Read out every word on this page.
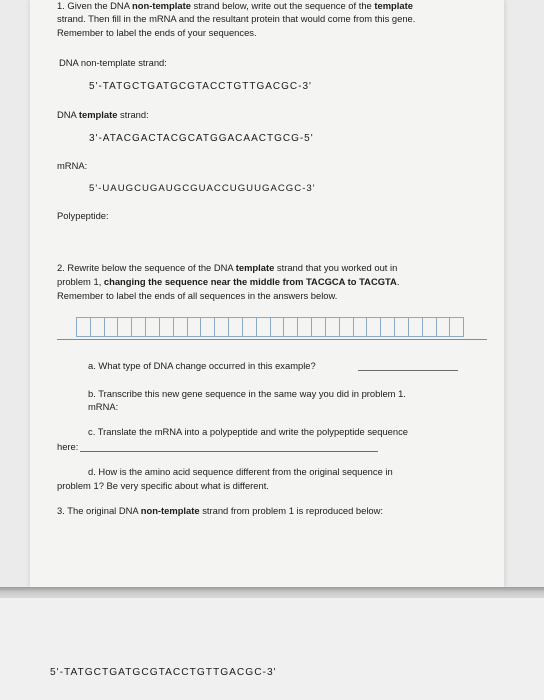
1. Given the DNA non-template strand below, write out the sequence of the template
strand. Then fill in the mRNA and the resultant protein that would come from this gene.
Remember to label the ends of your sequences.
DNA non-template strand:
5'-TATGCTGATGCGTACCTGTTGACGC-3'
DNA template strand:
3'-ATACGACTACGCATGGACAACTGCG-5'
mRNA:
5'-UAUGCUGAUGCGUACCUGUUGACGC-3'
Polypeptide:
2. Rewrite below the sequence of the DNA template strand that you worked out in
problem 1, changing the sequence near the middle from TACGCA to TACGTA.
Remember to label the ends of all sequences in the answers below.
a. What type of DNA change occurred in this example?
b. Transcribe this new gene sequence in the same way you did in problem 1.
mRNA:
c. Translate the mRNA into a polypeptide and write the polypeptide sequence
here:
d. How is the amino acid sequence different from the original sequence in
problem 1? Be very specific about what is different.
3. The original DNA non-template strand from problem 1 is reproduced below:
5'-TATGCTGATGCGTACCTGTTGACGC-3'
